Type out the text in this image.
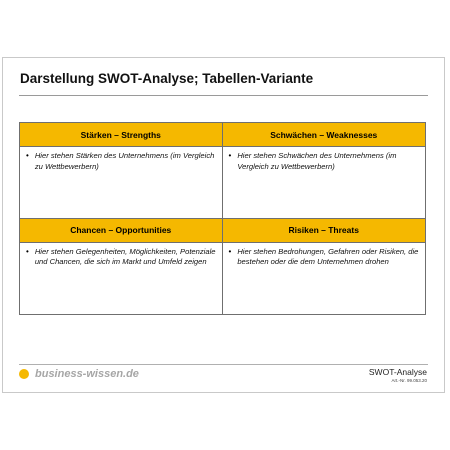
Darstellung SWOT-Analyse; Tabellen-Variante
Stärken – Strengths
• Hier stehen Stärken des Unternehmens (im Vergleich zu Wettbewerbern)
Schwächen – Weaknesses
• Hier stehen Schwächen des Unternehmens (im Vergleich zu Wettbewerbern)
Chancen – Opportunities
• Hier stehen Gelegenheiten, Möglichkeiten, Potenziale und Chancen, die sich im Markt und Umfeld zeigen
Risiken – Threats
• Hier stehen Bedrohungen, Gefahren oder Risiken, die bestehen oder die dem Unternehmen drohen
business-wissen.de	SWOT-Analyse
Art.-Nr. 99.053.20
